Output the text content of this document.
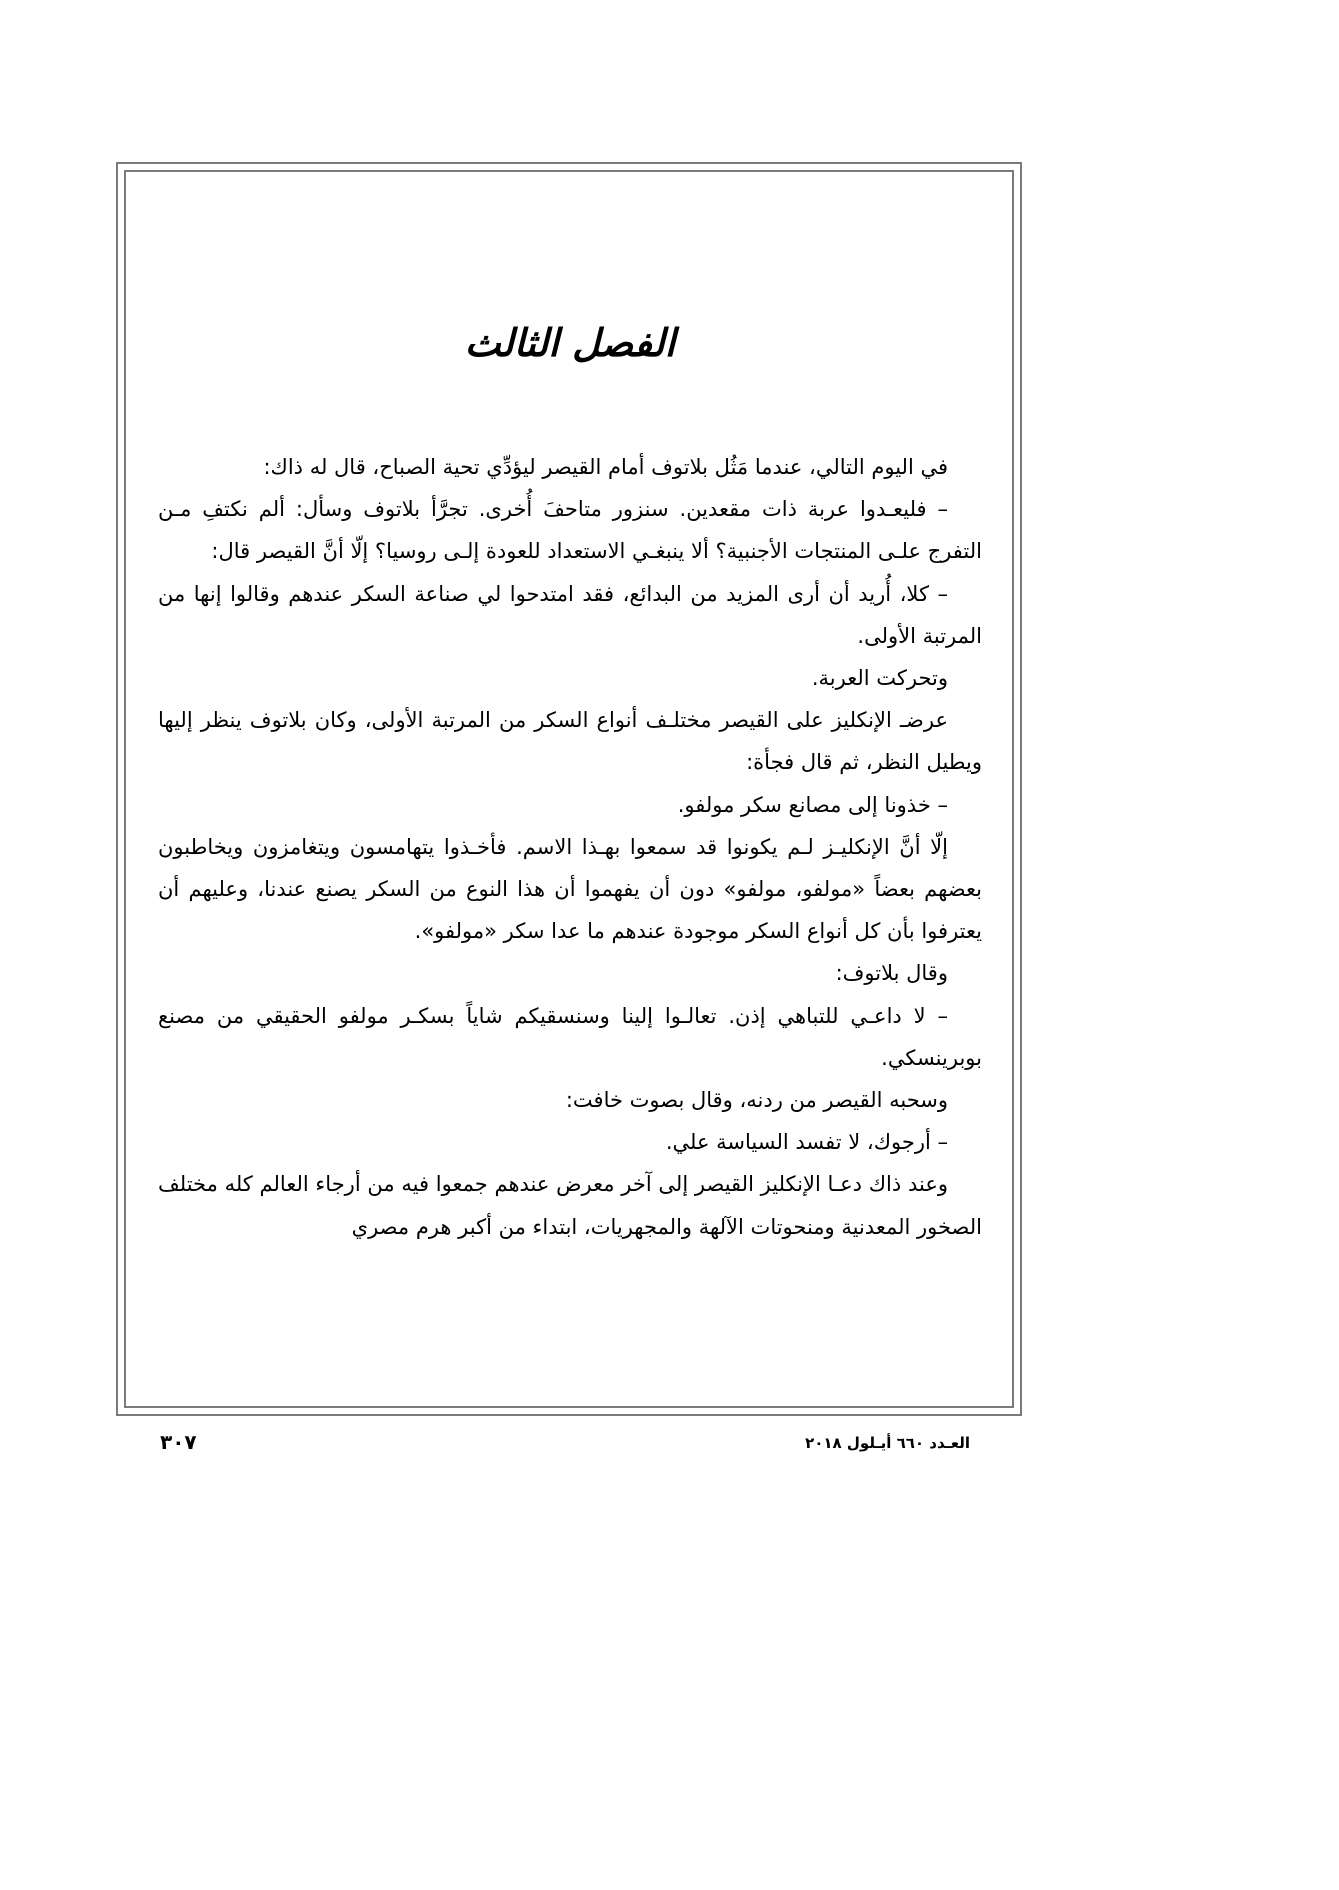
الفصل الثالث

في اليوم التالي، عندما مَثُل بلاتوف أمام القيصر ليؤدِّي تحية الصباح، قال له ذاك:

– فليعـدوا عربة ذات مقعدين. سنزور متاحفَ أُخرى. تجرَّأ بلاتوف وسأل: ألم نكتفِ مـن التفرج علـى المنتجات الأجنبية؟ ألا ينبغـي الاستعداد للعودة إلـى روسيا؟ إلّا أنَّ القيصر قال:

– كلا، أُريد أن أرى المزيد من البدائع، فقد امتدحوا لي صناعة السكر عندهم وقالوا إنها من المرتبة الأولى.

وتحركت العربة.

عرضـ الإنكليز على القيصر مختلـف أنواع السكر من المرتبة الأولى، وكان بلاتوف ينظر إليها ويطيل النظر، ثم قال فجأة:

– خذونا إلى مصانع سكر مولفو.

إلّا أنَّ الإنكليـز لـم يكونوا قد سمعوا بهـذا الاسم. فأخـذوا يتهامسون ويتغامزون ويخاطبون بعضهم بعضاً «مولفو، مولفو» دون أن يفهموا أن هذا النوع من السكر يصنع عندنا، وعليهم أن يعترفوا بأن كل أنواع السكر موجودة عندهم ما عدا سكر «مولفو».

وقال بلاتوف:

– لا داعـي للتباهي إذن. تعالـوا إلينا وسنسقيكم شاياً بسكـر مولفو الحقيقي من مصنع بوبرينسكي.

وسحبه القيصر من ردنه، وقال بصوت خافت:

– أرجوك، لا تفسد السياسة علي.

وعند ذاك دعـا الإنكليز القيصر إلى آخر معرض عندهم جمعوا فيه من أرجاء العالم كله مختلف الصخور المعدنية ومنحوتات الآلهة والمجهريات، ابتداء من أكبر هرم مصري

العـدد ٦٦٠ أيـلول ٢٠١٨
٣٠٧
